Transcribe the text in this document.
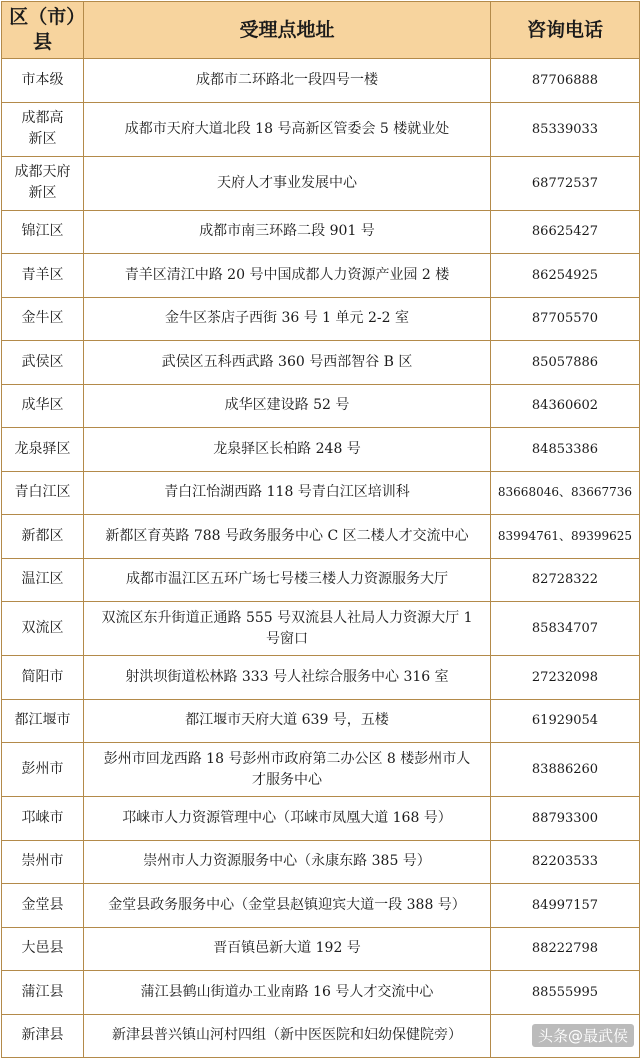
区（市）县	受理点地址	咨询电话
市本级	成都市二环路北一段四号一楼	87706888
成都高新区	成都市天府大道北段 18 号高新区管委会 5 楼就业处	85339033
成都天府新区	天府人才事业发展中心	68772537
锦江区	成都市南三环路二段 901 号	86625427
青羊区	青羊区清江中路 20 号中国成都人力资源产业园 2 楼	86254925
金牛区	金牛区茶店子西街 36 号 1 单元 2-2 室	87705570
武侯区	武侯区五科西武路 360 号西部智谷 B 区	85057886
成华区	成华区建设路 52 号	84360602
龙泉驿区	龙泉驿区长柏路 248 号	84853386
青白江区	青白江怡湖西路 118 号青白江区培训科	83668046、83667736
新都区	新都区育英路 788 号政务服务中心 C 区二楼人才交流中心	83994761、89399625
温江区	成都市温江区五环广场七号楼三楼人力资源服务大厅	82728322
双流区	双流区东升街道正通路 555 号双流县人社局人力资源大厅 1 号窗口	85834707
简阳市	射洪坝街道松林路 333 号人社综合服务中心 316 室	27232098
都江堰市	都江堰市天府大道 639 号，五楼	61929054
彭州市	彭州市回龙西路 18 号彭州市政府第二办公区 8 楼彭州市人才服务中心	83886260
邛崃市	邛崃市人力资源管理中心（邛崃市凤凰大道 168 号）	88793300
崇州市	崇州市人力资源服务中心（永康东路 385 号）	82203533
金堂县	金堂县政务服务中心（金堂县赵镇迎宾大道一段 388 号）	84997157
大邑县	晋百镇邑新大道 192 号	88222798
蒲江县	蒲江县鹤山街道办工业南路 16 号人才交流中心	88555995
新津县	新津县普兴镇山河村四组（新中医医院和妇幼保健院旁）		头条@最武侯
